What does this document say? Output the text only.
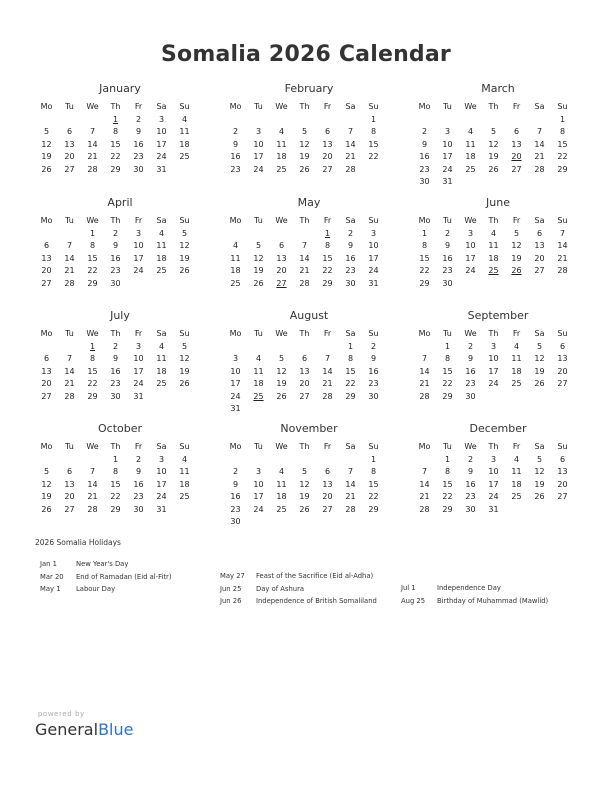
Somalia 2026 Calendar
January
Mo	Tu	We	Th	Fr	Sa	Su
			1	2	3	4
5	6	7	8	9	10	11
12	13	14	15	16	17	18
19	20	21	22	23	24	25
26	27	28	29	30	31	
February
Mo	Tu	We	Th	Fr	Sa	Su
						1
2	3	4	5	6	7	8
9	10	11	12	13	14	15
16	17	18	19	20	21	22
23	24	25	26	27	28	
March
Mo	Tu	We	Th	Fr	Sa	Su
						1
2	3	4	5	6	7	8
9	10	11	12	13	14	15
16	17	18	19	20	21	22
23	24	25	26	27	28	29
30	31					
April
Mo	Tu	We	Th	Fr	Sa	Su
		1	2	3	4	5
6	7	8	9	10	11	12
13	14	15	16	17	18	19
20	21	22	23	24	25	26
27	28	29	30			
May
Mo	Tu	We	Th	Fr	Sa	Su
				1	2	3
4	5	6	7	8	9	10
11	12	13	14	15	16	17
18	19	20	21	22	23	24
25	26	27	28	29	30	31
June
Mo	Tu	We	Th	Fr	Sa	Su
1	2	3	4	5	6	7
8	9	10	11	12	13	14
15	16	17	18	19	20	21
22	23	24	25	26	27	28
29	30					
July
Mo	Tu	We	Th	Fr	Sa	Su
		1	2	3	4	5
6	7	8	9	10	11	12
13	14	15	16	17	18	19
20	21	22	23	24	25	26
27	28	29	30	31		
August
Mo	Tu	We	Th	Fr	Sa	Su
					1	2
3	4	5	6	7	8	9
10	11	12	13	14	15	16
17	18	19	20	21	22	23
24	25	26	27	28	29	30
31						
September
Mo	Tu	We	Th	Fr	Sa	Su
	1	2	3	4	5	6
7	8	9	10	11	12	13
14	15	16	17	18	19	20
21	22	23	24	25	26	27
28	29	30				
October
Mo	Tu	We	Th	Fr	Sa	Su
			1	2	3	4
5	6	7	8	9	10	11
12	13	14	15	16	17	18
19	20	21	22	23	24	25
26	27	28	29	30	31	
November
Mo	Tu	We	Th	Fr	Sa	Su
						1
2	3	4	5	6	7	8
9	10	11	12	13	14	15
16	17	18	19	20	21	22
23	24	25	26	27	28	29
30						
December
Mo	Tu	We	Th	Fr	Sa	Su
	1	2	3	4	5	6
7	8	9	10	11	12	13
14	15	16	17	18	19	20
21	22	23	24	25	26	27
28	29	30	31			
2026 Somalia Holidays
Jan 1	New Year's Day
Mar 20 End of Ramadan (Eid al-Fitr)
May 1 Labour Day
May 27 Feast of the Sacrifice (Eid al-Adha)
Jun 25 Day of Ashura
Jun 26 Independence of British Somaliland
Jul 1	Independence Day
Aug 25 Birthday of Muhammad (Mawlid)
powered by
GeneralBlue
